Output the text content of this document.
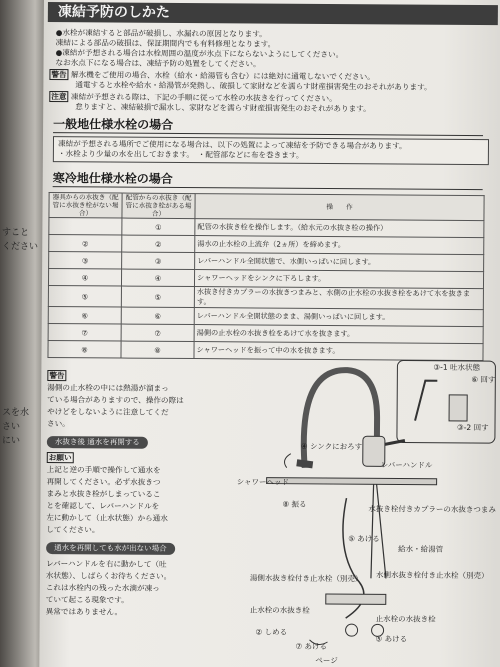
すこと
ください
スを水
さい
にい
凍結予防のしかた
●水栓が凍結すると部品が破損し、水漏れの原因となります。
凍結による部品の破損は、保証期間内でも有料修理となります。
●凍結が予想される場合は水栓周囲の温度が氷点下にならないようにしてください。
なお氷点下になる場合は、凍結予防の処置をしてください。
警告 解氷機をご使用の場合、水栓（給水・給湯管も含む）には絶対に通電しないでください。
通電すると水栓や給水・給湯管が発熱し、破損して家財などを濡らす財産損害発生のおそれがあります。
注意 凍結が予想される際は、下記の手順に従って水栓の水抜きを行ってください。
怠りますと、凍結破損で漏水し、家財などを濡らす財産損害発生のおそれがあります。
一般地仕様水栓の場合
凍結が予想される場所でご使用になる場合は、以下の処置によって凍結を予防できる場合があります。
・水栓より少量の水を出しておきます。　・配管部などに布を巻きます。
寒冷地仕様水栓の場合
器具からの水抜き（配管に水抜き栓がない場合）	配管からの水抜き（配管に水抜き栓がある場合）	操　　作
	①	配管の水抜き栓を操作します。（給水元の水抜き栓の操作）
②	②	湯水の止水栓の上流弁（2ヵ所）を締めます。
③	③	レバーハンドル全開状態で、水側いっぱいに回します。
④	④	シャワーヘッドをシンクに下ろします。
⑤	⑤	水抜き付きカプラーの水抜きつまみと、水側の止水栓の水抜き栓をあけて水を抜きます。
⑥	⑥	レバーハンドル全開状態のまま、湯側いっぱいに回します。
⑦	⑦	湯側の止水栓の水抜き栓をあけて水を抜きます。
⑧	⑧	シャワーヘッドを振って中の水を抜きます。
警告
湯側の止水栓の中には熱湯が溜まっ
ている場合がありますので、操作の際は
やけどをしないように注意してくだ
さい。
水抜き後 通水を再開する
お願い
上記と逆の手順で操作して通水を
再開してください。必ず水抜きつ
まみと水抜き栓がしまっているこ
とを確認して、レバーハンドルを
左に動かして（止水状態）から通水
してください。
通水を再開しても水が出ない場合
レバーハンドルを右に動かして（吐
水状態）、しばらくお待ちください。
これは水栓内の残った水滴が凍っ
ていて起こる現象です。
異常ではありません。
④ シンクにおろす
レバーハンドル
シャワーヘッド
⑧ 振る
水抜き栓付きカプラーの水抜きつまみ
⑤ あける
給水・給湯管
湯側水抜き栓付き止水栓（別売） 水側水抜き栓付き止水栓（別売）
止水栓の水抜き栓
止水栓の水抜き栓
② しめる
⑦ あける
⑤ あける
③-1 吐水状態
⑥ 回す
③-2 回す
ページ
